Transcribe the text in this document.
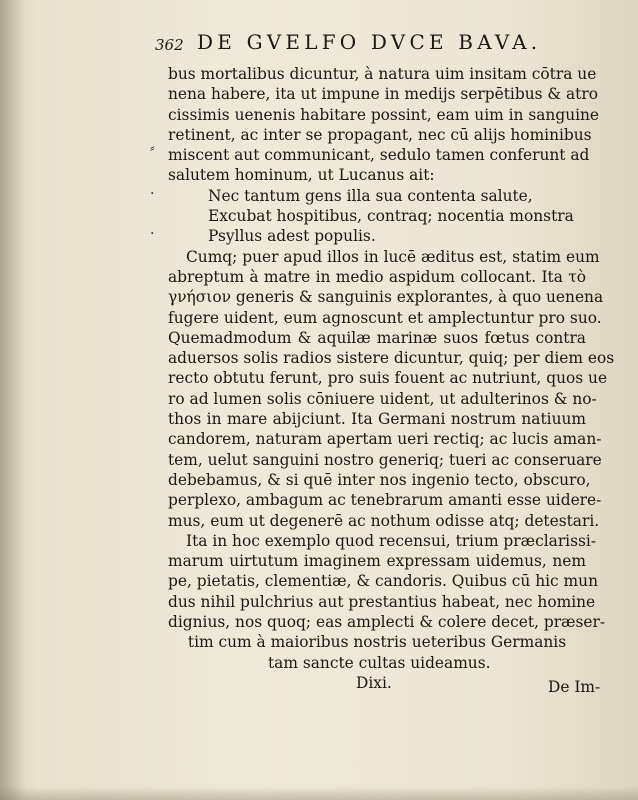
362 DE GVELFO DVCE BAVA.
⸗
·
·
bus mortalibus dicuntur, à natura uim insitam cōtra ue
nena habere, ita ut impune in medijs serpētibus & atro
cissimis uenenis habitare possint, eam uim in sanguine
retinent, ac inter se propagant, nec cū alijs hominibus
miscent aut communicant, sedulo tamen conferunt ad
salutem hominum, ut Lucanus ait:
Nec tantum gens illa sua contenta salute,
Excubat hospitibus, contraq; nocentia monstra
Psyllus adest populis.
Cumq; puer apud illos in lucē æditus est, statim eum
abreptum à matre in medio aspidum collocant. Ita τὸ
γνήσιον generis & sanguinis explorantes, à quo uenena
fugere uident, eum agnoscunt et amplectuntur pro suo.
Quemadmodum & aquilæ marinæ suos fœtus contra
aduersos solis radios sistere dicuntur, quiq; per diem eos
recto obtutu ferunt, pro suis fouent ac nutriunt, quos ue
ro ad lumen solis cōniuere uident, ut adulterinos & no-
thos in mare abijciunt. Ita Germani nostrum natiuum
candorem, naturam apertam ueri rectiq; ac lucis aman-
tem, uelut sanguini nostro generiq; tueri ac conseruare
debebamus, & si quē inter nos ingenio tecto, obscuro,
perplexo, ambagum ac tenebrarum amanti esse uidere-
mus, eum ut degenerē ac nothum odisse atq; detestari.
Ita in hoc exemplo quod recensui, trium præclarissi-
marum uirtutum imaginem expressam uidemus, nem
pe, pietatis, clementiæ, & candoris. Quibus cū hic mun
dus nihil pulchrius aut prestantius habeat, nec homine
dignius, nos quoq; eas amplecti & colere decet, præser-
tim cum à maioribus nostris ueteribus Germanis
tam sancte cultas uideamus.
Dixi.	De Im-
